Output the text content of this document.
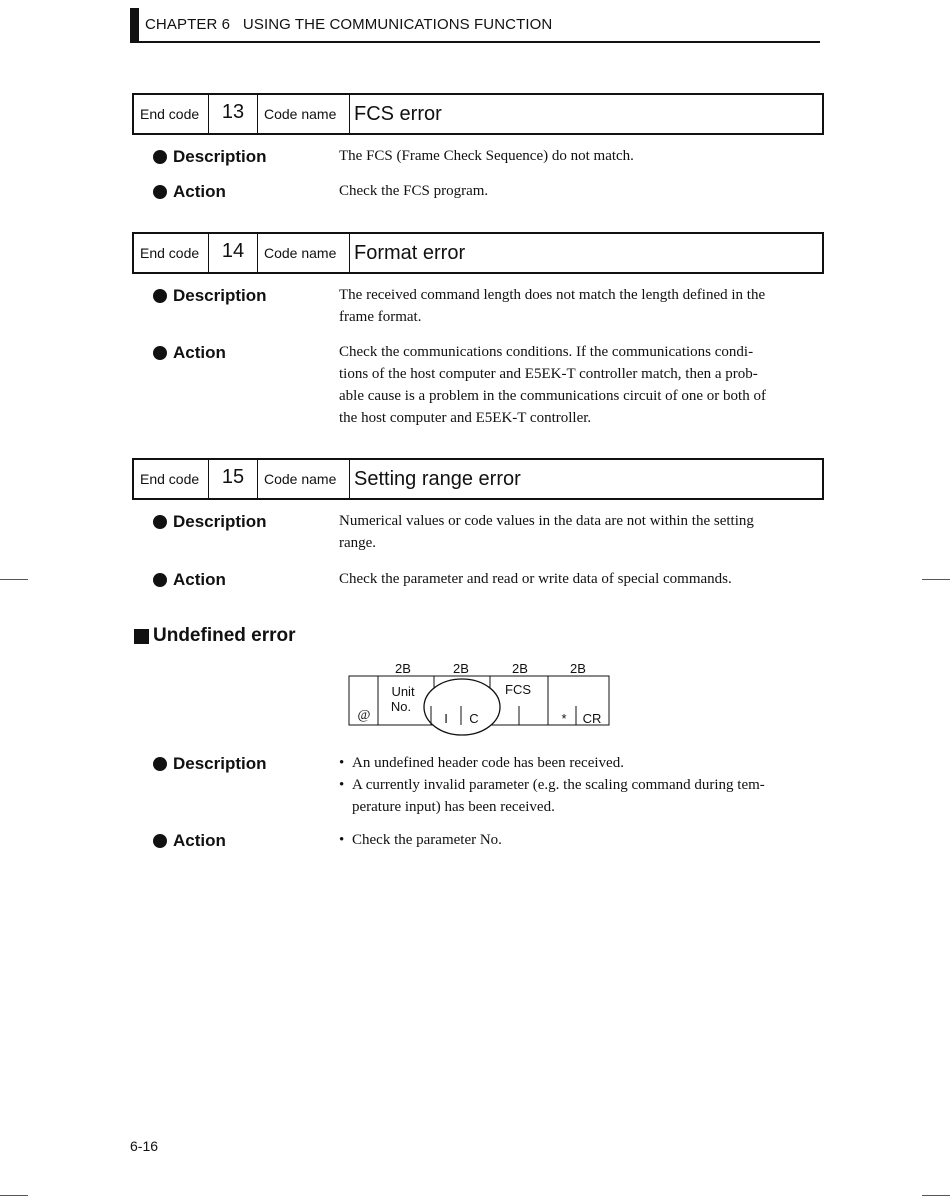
CHAPTER 6 USING THE COMMUNICATIONS FUNCTION
End code	13	Code name FCS error
Description	The FCS (Frame Check Sequence) do not match.
Action	Check the FCS program.
End code	14	Code name Format error
Description	The received command length does not match the length defined in the
frame format.
Action	Check the communications conditions. If the communications condi-
tions of the host computer and E5EK-T controller match, then a prob-
able cause is a problem in the communications circuit of one or both of
the host computer and E5EK-T controller.
End code	15	Code name Setting range error
Description	Numerical values or code values in the data are not within the setting
range.
Action	Check the parameter and read or write data of special commands.
Undefined error
2B	2B	2B	2B
@
Unit
No.
I C
FCS
* CR
Description	• An undefined header code has been received.
• A currently invalid parameter (e.g. the scaling command during tem-
perature input) has been received.
Action	• Check the parameter No.
6-16
